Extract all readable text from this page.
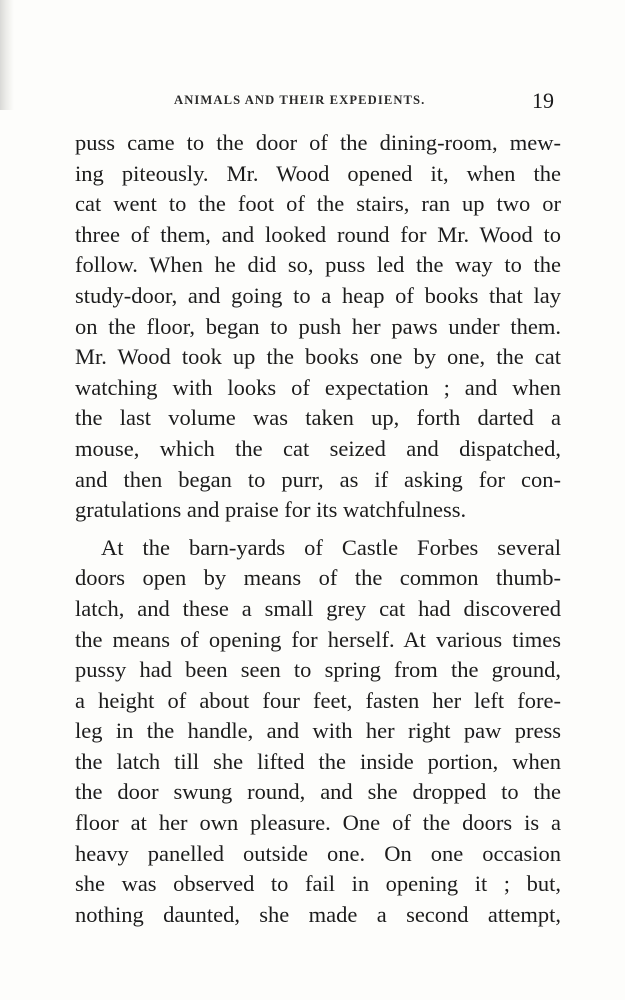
ANIMALS AND THEIR EXPEDIENTS.	19
puss came to the door of the dining-room, mew-
ing piteously. Mr. Wood opened it, when the
cat went to the foot of the stairs, ran up two or
three of them, and looked round for Mr. Wood to
follow. When he did so, puss led the way to the
study-door, and going to a heap of books that lay
on the floor, began to push her paws under them.
Mr. Wood took up the books one by one, the cat
watching with looks of expectation ; and when
the last volume was taken up, forth darted a
mouse, which the cat seized and dispatched,
and then began to purr, as if asking for con-
gratulations and praise for its watchfulness.
At the barn-yards of Castle Forbes several
doors open by means of the common thumb-
latch, and these a small grey cat had discovered
the means of opening for herself. At various times
pussy had been seen to spring from the ground,
a height of about four feet, fasten her left fore-
leg in the handle, and with her right paw press
the latch till she lifted the inside portion, when
the door swung round, and she dropped to the
floor at her own pleasure. One of the doors is a
heavy panelled outside one. On one occasion
she was observed to fail in opening it ; but,
nothing daunted, she made a second attempt,
